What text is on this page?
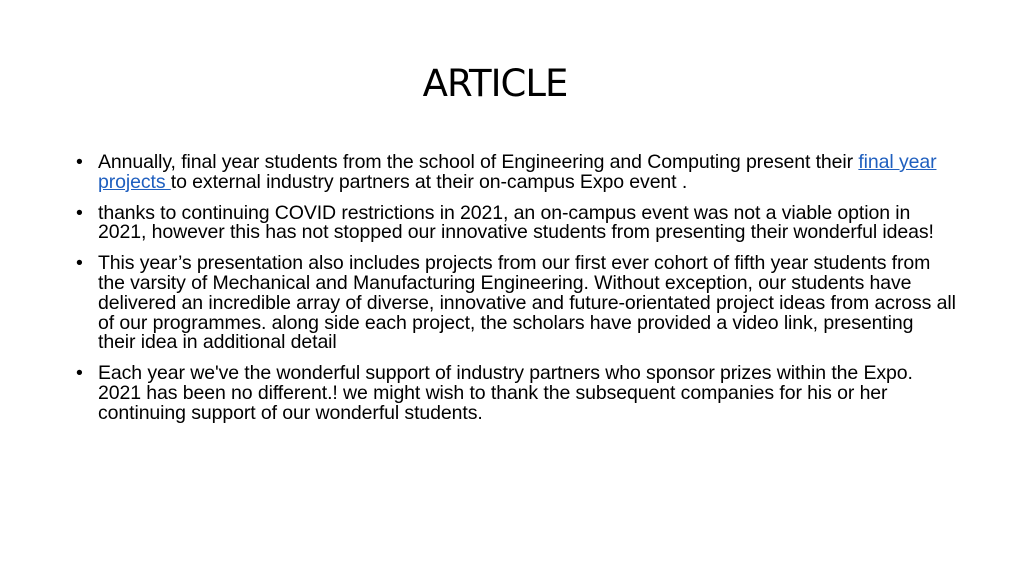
ARTICLE
• Annually, final year students from the school of Engineering and Computing present their final year projects to external industry partners at their on-campus Expo event .
• thanks to continuing COVID restrictions in 2021, an on-campus event was not a viable option in 2021, however this has not stopped our innovative students from presenting their wonderful ideas!
• This year’s presentation also includes projects from our first ever cohort of fifth year students from the varsity of Mechanical and Manufacturing Engineering. Without exception, our students have delivered an incredible array of diverse, innovative and future-orientated project ideas from across all of our programmes. along side each project, the scholars have provided a video link, presenting their idea in additional detail
• Each year we've the wonderful support of industry partners who sponsor prizes within the Expo. 2021 has been no different.! we might wish to thank the subsequent companies for his or her continuing support of our wonderful students.
